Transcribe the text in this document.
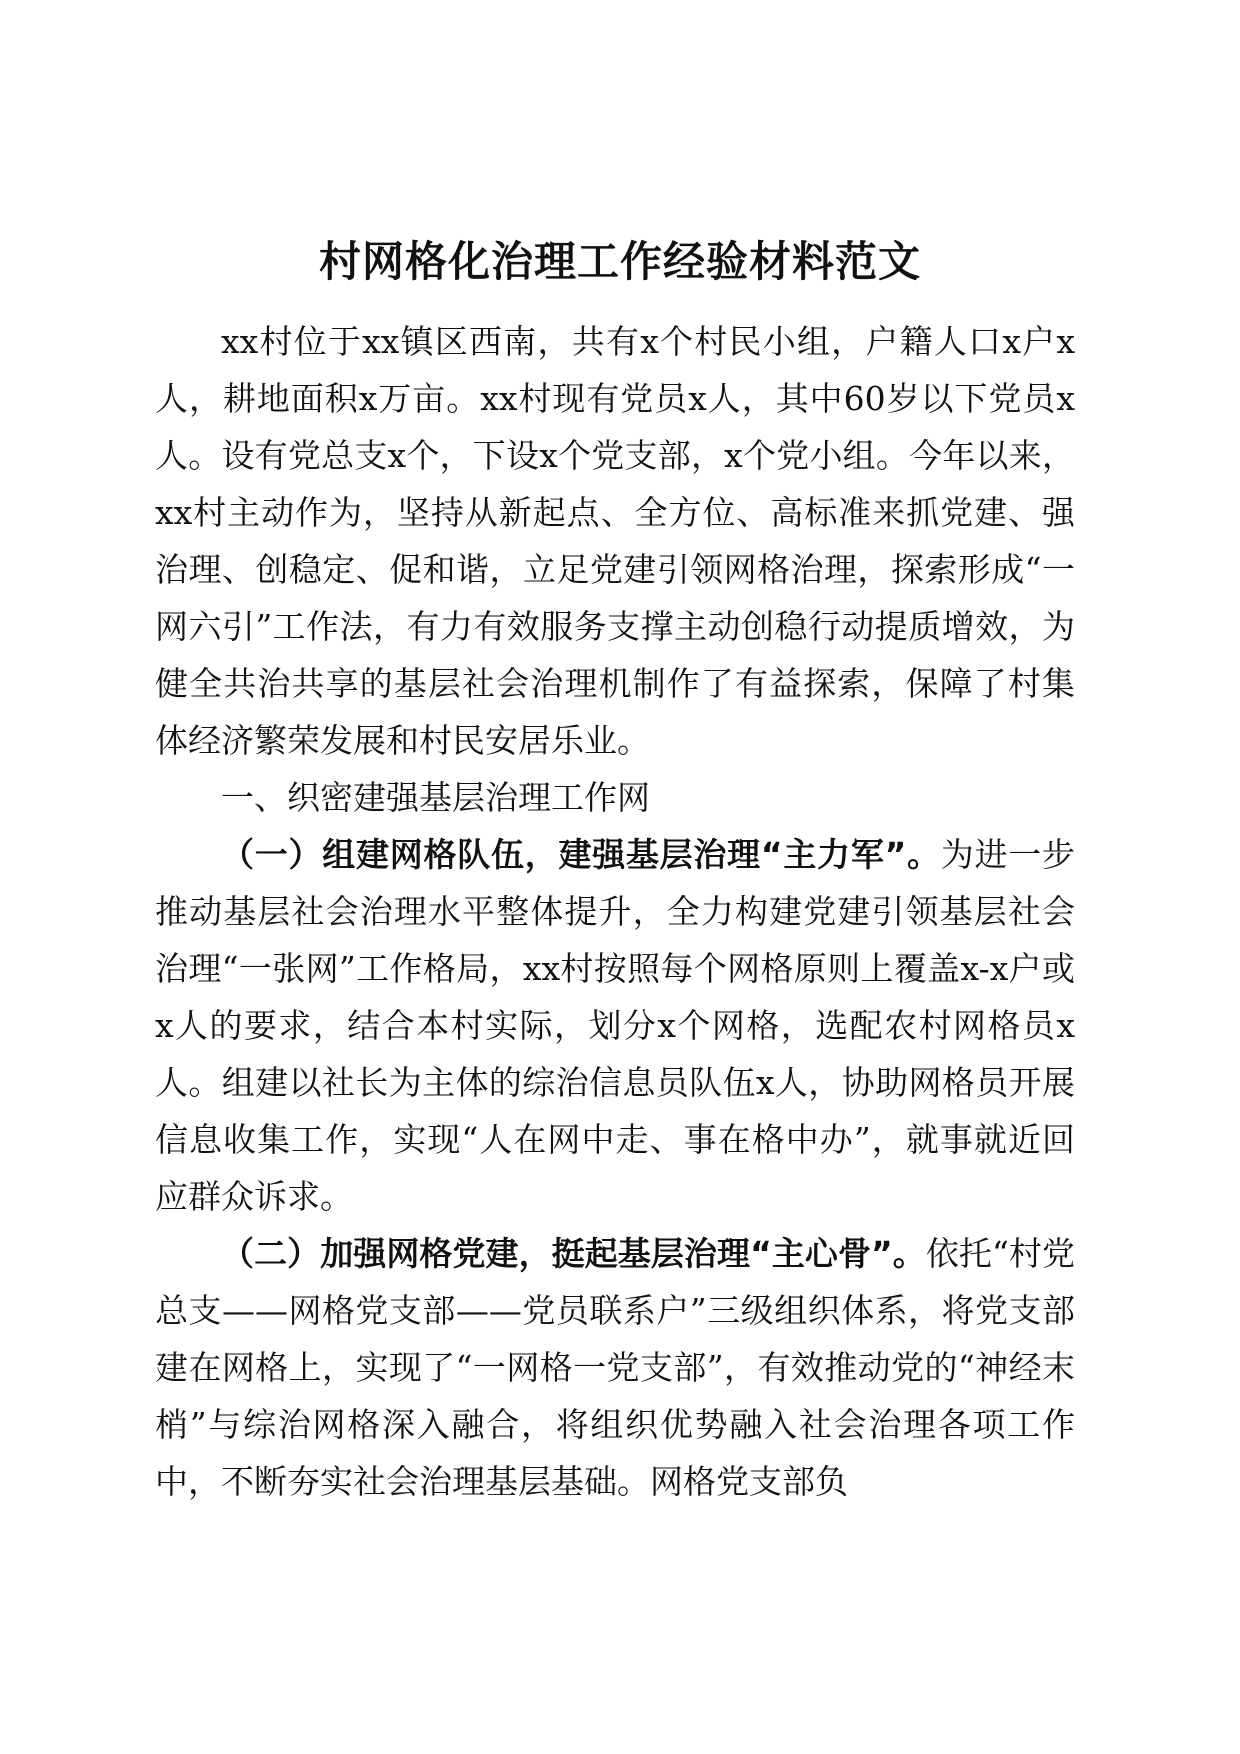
村网格化治理工作经验材料范文

xx村位于xx镇区西南，共有x个村民小组，户籍人口x户x人，耕地面积x万亩。xx村现有党员x人，其中60岁以下党员x人。设有党总支x个，下设x个党支部，x个党小组。今年以来，xx村主动作为，坚持从新起点、全方位、高标准来抓党建、强治理、创稳定、促和谐，立足党建引领网格治理，探索形成“一网六引”工作法，有力有效服务支撑主动创稳行动提质增效，为健全共治共享的基层社会治理机制作了有益探索，保障了村集体经济繁荣发展和村民安居乐业。

一、织密建强基层治理工作网

（一）组建网格队伍，建强基层治理“主力军”。为进一步推动基层社会治理水平整体提升，全力构建党建引领基层社会治理“一张网”工作格局，xx村按照每个网格原则上覆盖x-x户或x人的要求，结合本村实际，划分x个网格，选配农村网格员x人。组建以社长为主体的综治信息员队伍x人，协助网格员开展信息收集工作，实现“人在网中走、事在格中办”，就事就近回应群众诉求。

（二）加强网格党建，挺起基层治理“主心骨”。依托“村党总支——网格党支部——党员联系户”三级组织体系，将党支部建在网格上，实现了“一网格一党支部”，有效推动党的“神经末梢”与综治网格深入融合，将组织优势融入社会治理各项工作中，不断夯实社会治理基层基础。网格党支部负
